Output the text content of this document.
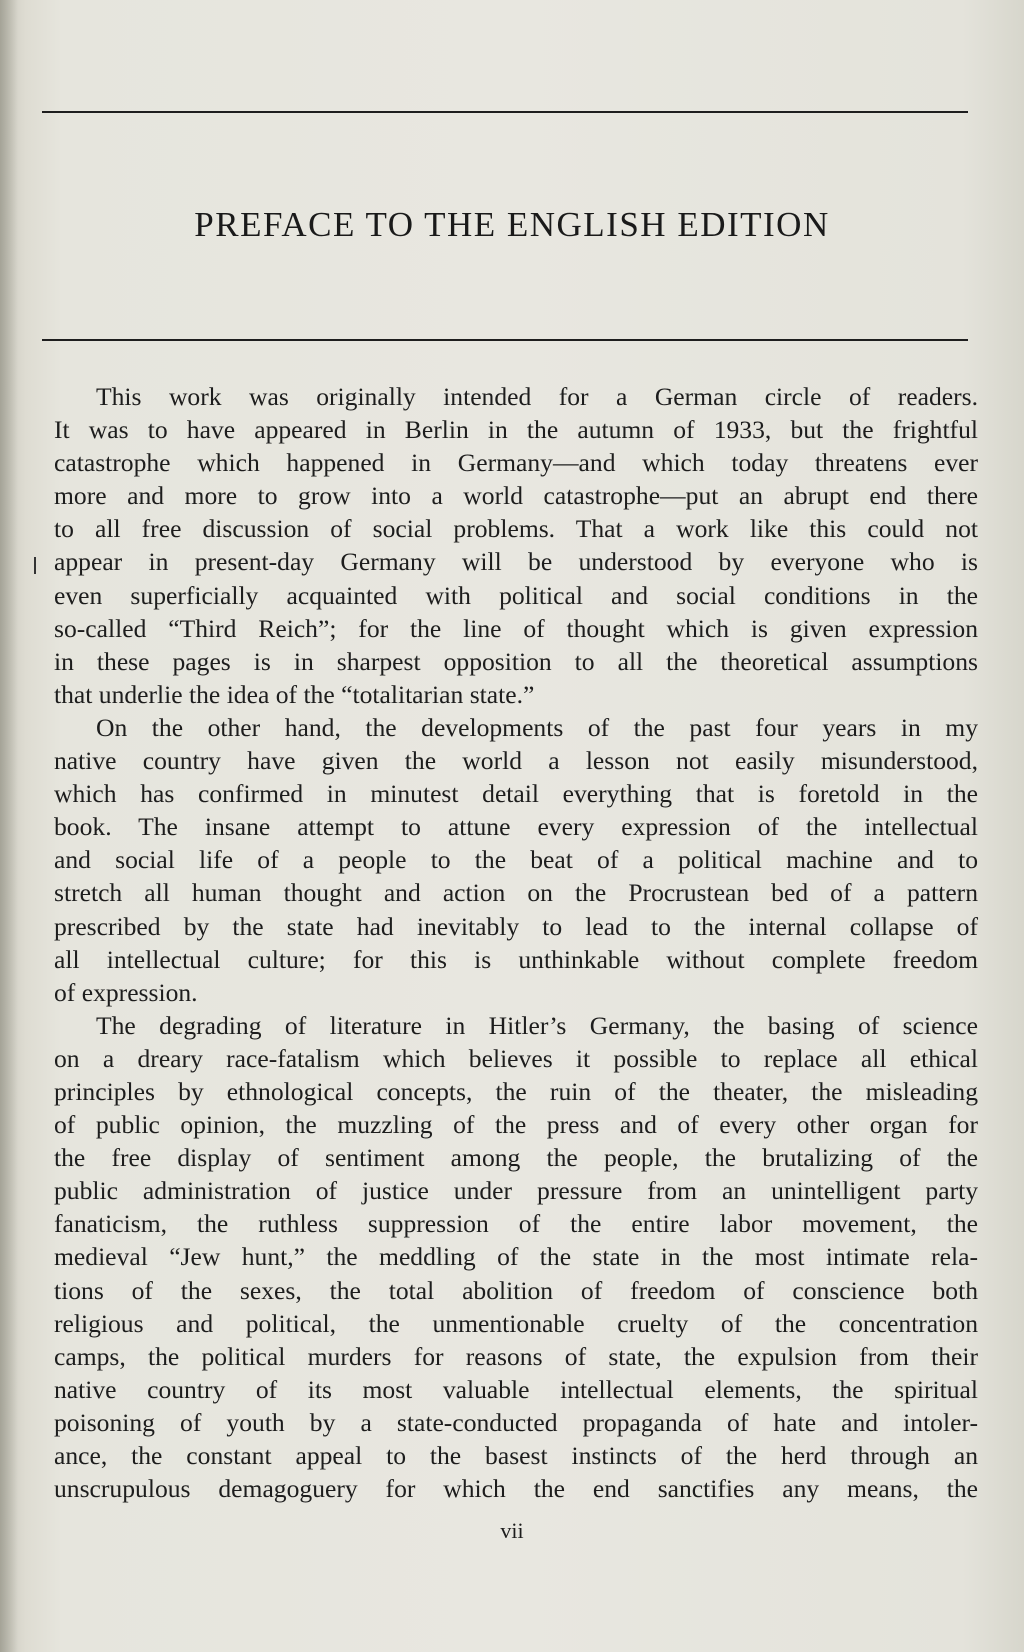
PREFACE TO THE ENGLISH EDITION
This work was originally intended for a German circle of readers.
It was to have appeared in Berlin in the autumn of 1933, but the frightful
catastrophe which happened in Germany—and which today threatens ever
more and more to grow into a world catastrophe—put an abrupt end there
to all free discussion of social problems. That a work like this could not
appear in present-day Germany will be understood by everyone who is
even superficially acquainted with political and social conditions in the
so-called “Third Reich”; for the line of thought which is given expression
in these pages is in sharpest opposition to all the theoretical assumptions
that underlie the idea of the “totalitarian state.”
On the other hand, the developments of the past four years in my
native country have given the world a lesson not easily misunderstood,
which has confirmed in minutest detail everything that is foretold in the
book. The insane attempt to attune every expression of the intellectual
and social life of a people to the beat of a political machine and to
stretch all human thought and action on the Procrustean bed of a pattern
prescribed by the state had inevitably to lead to the internal collapse of
all intellectual culture; for this is unthinkable without complete freedom
of expression.
The degrading of literature in Hitler’s Germany, the basing of science
on a dreary race-fatalism which believes it possible to replace all ethical
principles by ethnological concepts, the ruin of the theater, the misleading
of public opinion, the muzzling of the press and of every other organ for
the free display of sentiment among the people, the brutalizing of the
public administration of justice under pressure from an unintelligent party
fanaticism, the ruthless suppression of the entire labor movement, the
medieval “Jew hunt,” the meddling of the state in the most intimate rela-
tions of the sexes, the total abolition of freedom of conscience both
religious and political, the unmentionable cruelty of the concentration
camps, the political murders for reasons of state, the expulsion from their
native country of its most valuable intellectual elements, the spiritual
poisoning of youth by a state-conducted propaganda of hate and intoler-
ance, the constant appeal to the basest instincts of the herd through an
unscrupulous demagoguery for which the end sanctifies any means, the
vii
